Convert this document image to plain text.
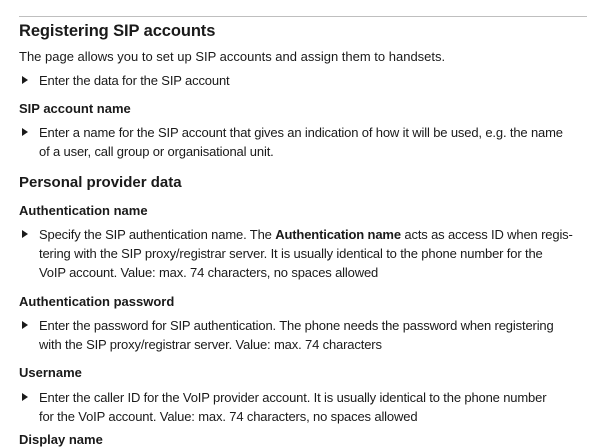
Registering SIP accounts
The page allows you to set up SIP accounts and assign them to handsets.
Enter the data for the SIP account
SIP account name
Enter a name for the SIP account that gives an indication of how it will be used, e.g. the name
of a user, call group or organisational unit.
Personal provider data
Authentication name
Specify the SIP authentication name. The Authentication name acts as access ID when regis-
tering with the SIP proxy/registrar server. It is usually identical to the phone number for the
VoIP account. Value: max. 74 characters, no spaces allowed
Authentication password
Enter the password for SIP authentication. The phone needs the password when registering
with the SIP proxy/registrar server. Value: max. 74 characters
Username
Enter the caller ID for the VoIP provider account. It is usually identical to the phone number
for the VoIP account. Value: max. 74 characters, no spaces allowed
Display name
